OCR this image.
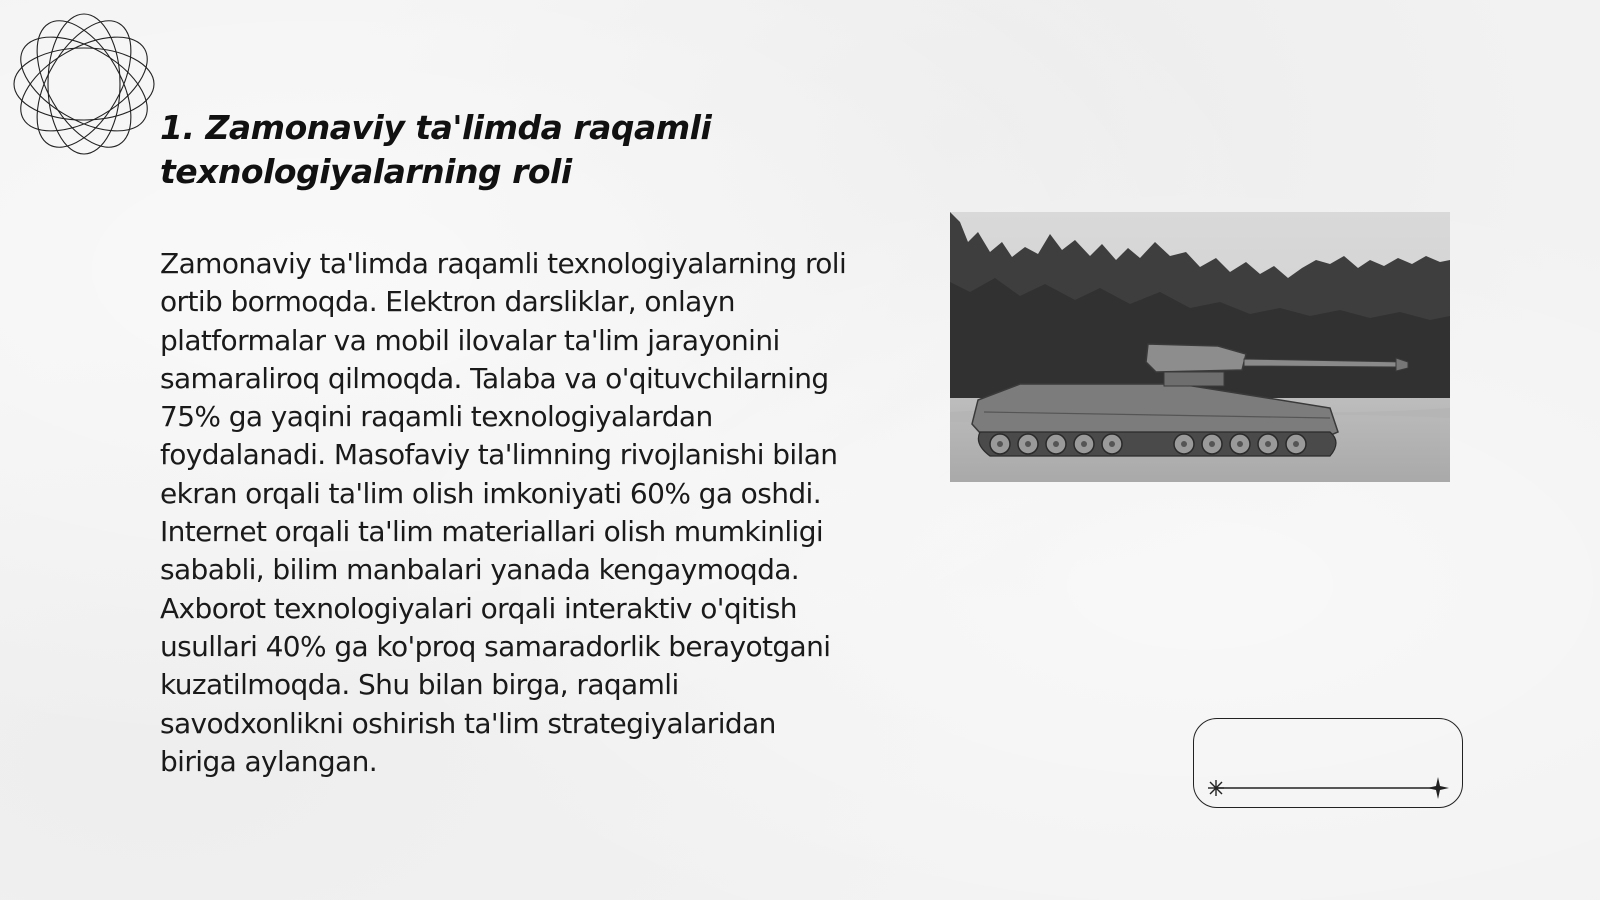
1. Zamonaviy ta'limda raqamli
texnologiyalarning roli

Zamonaviy ta'limda raqamli texnologiyalarning roli ortib bormoqda. Elektron darsliklar, onlayn platformalar va mobil ilovalar ta'lim jarayonini samaraliroq qilmoqda. Talaba va o'qituvchilarning 75% ga yaqini raqamli texnologiyalardan foydalanadi. Masofaviy ta'limning rivojlanishi bilan ekran orqali ta'lim olish imkoniyati 60% ga oshdi. Internet orqali ta'lim materiallari olish mumkinligi sababli, bilim manbalari yanada kengaymoqda. Axborot texnologiyalari orqali interaktiv o'qitish usullari 40% ga ko'proq samaradorlik berayotgani kuzatilmoqda. Shu bilan birga, raqamli savodxonlikni oshirish ta'lim strategiyalaridan biriga aylangan.
